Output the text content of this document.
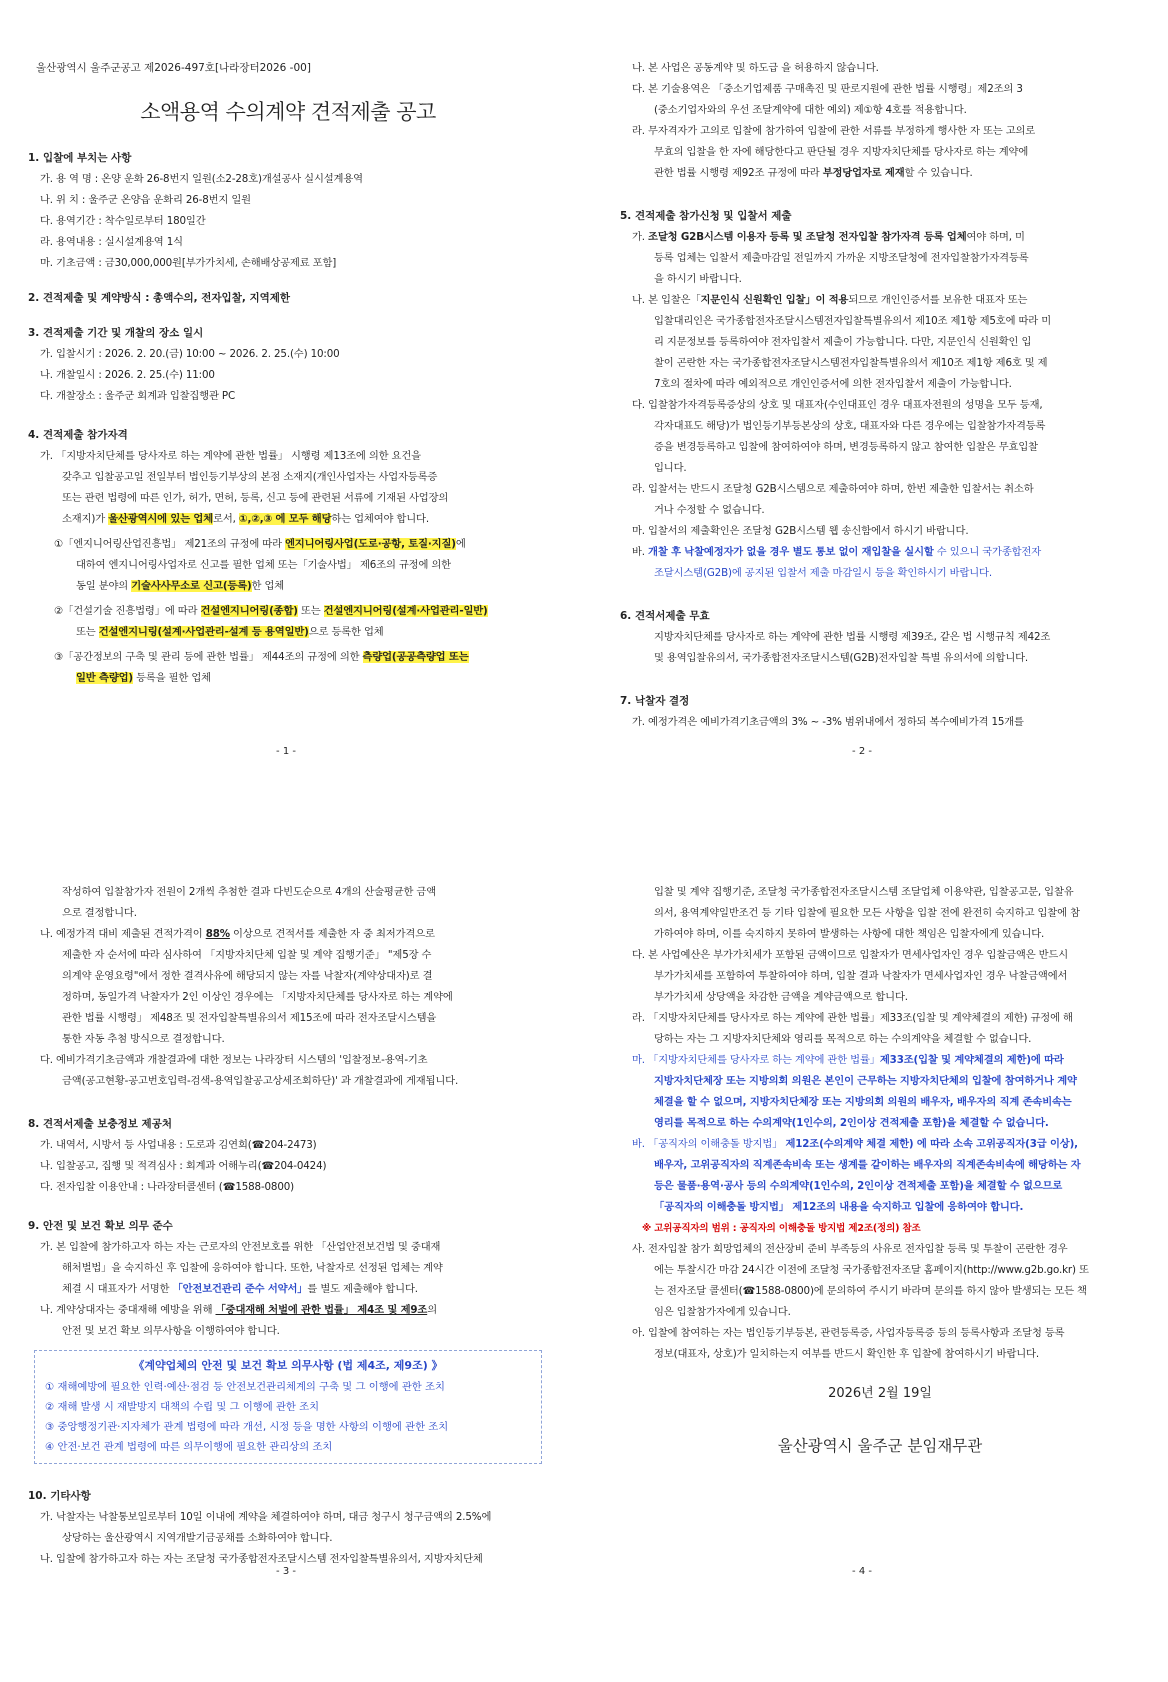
울산광역시 울주군공고 제2026-497호[나라장터2026 -00]
소액용역 수의계약 견적제출 공고
1. 입찰에 부치는 사항
가. 용 역 명 : 온양 운화 26-8번지 일원(소2-28호)개설공사 실시설계용역
나. 위 치 : 울주군 온양읍 운화리 26-8번지 일원
다. 용역기간 : 착수일로부터 180일간
라. 용역내용 : 실시설계용역 1식
마. 기초금액 : 금30,000,000원[부가가치세, 손해배상공제료 포함]
2. 견적제출 및 계약방식 : 총액수의, 전자입찰, 지역제한
3. 견적제출 기간 및 개찰의 장소 일시
가. 입찰시기 : 2026. 2. 20.(금) 10:00 ~ 2026. 2. 25.(수) 10:00
나. 개찰일시 : 2026. 2. 25.(수) 11:00
다. 개찰장소 : 울주군 회계과 입찰집행관 PC
4. 견적제출 참가자격
가. 「지방자치단체를 당사자로 하는 계약에 관한 법률」 시행령 제13조에 의한 요건을
갖추고 입찰공고일 전일부터 법인등기부상의 본점 소재지(개인사업자는 사업자등록증
또는 관련 법령에 따른 인가, 허가, 면허, 등록, 신고 등에 관련된 서류에 기재된 사업장의
소재지)가 울산광역시에 있는 업체로서, ①,②,③ 에 모두 해당하는 업체여야 합니다.
①「엔지니어링산업진흥법」 제21조의 규정에 따라 엔지니어링사업(도로·공항, 토질·지질)에
대하여 엔지니어링사업자로 신고를 필한 업체 또는「기술사법」 제6조의 규정에 의한
동일 분야의 기술사사무소로 신고(등록)한 업체
②「건설기술 진흥법령」에 따라 건설엔지니어링(종합) 또는 건설엔지니어링(설계·사업관리-일반)
또는 건설엔지니링(설계·사업관리-설계 등 용역일반)으로 등록한 업체
③「공간정보의 구축 및 관리 등에 관한 법률」 제44조의 규정에 의한 측량업(공공측량업 또는
일반 측량업) 등록을 필한 업체
- 1 -
나. 본 사업은 공동계약 및 하도급 을 허용하지 않습니다.
다. 본 기술용역은 「중소기업제품 구매촉진 및 판로지원에 관한 법률 시행령」제2조의 3
(중소기업자와의 우선 조달계약에 대한 예외) 제①항 4호를 적용합니다.
라. 무자격자가 고의로 입찰에 참가하여 입찰에 관한 서류를 부정하게 행사한 자 또는 고의로
무효의 입찰을 한 자에 해당한다고 판단될 경우 지방자치단체를 당사자로 하는 계약에
관한 법률 시행령 제92조 규정에 따라 부정당업자로 제재할 수 있습니다.
5. 견적제출 참가신청 및 입찰서 제출
가. 조달청 G2B시스템 이용자 등록 및 조달청 전자입찰 참가자격 등록 업체여야 하며, 미
등록 업체는 입찰서 제출마감일 전일까지 가까운 지방조달청에 전자입찰참가자격등록
을 하시기 바랍니다.
나. 본 입찰은「지문인식 신원확인 입찰」이 적용되므로 개인인증서를 보유한 대표자 또는
입찰대리인은 국가종합전자조달시스템전자입찰특별유의서 제10조 제1항 제5호에 따라 미
리 지문정보를 등록하여야 전자입찰서 제출이 가능합니다. 다만, 지문인식 신원확인 입
찰이 곤란한 자는 국가종합전자조달시스템전자입찰특별유의서 제10조 제1항 제6호 및 제
7호의 절차에 따라 예외적으로 개인인증서에 의한 전자입찰서 제출이 가능합니다.
다. 입찰참가자격등록증상의 상호 및 대표자(수인대표인 경우 대표자전원의 성명을 모두 등재,
각자대표도 해당)가 법인등기부등본상의 상호, 대표자와 다른 경우에는 입찰참가자격등록
증을 변경등록하고 입찰에 참여하여야 하며, 변경등록하지 않고 참여한 입찰은 무효입찰
입니다.
라. 입찰서는 반드시 조달청 G2B시스템으로 제출하여야 하며, 한번 제출한 입찰서는 취소하
거나 수정할 수 없습니다.
마. 입찰서의 제출확인은 조달청 G2B시스템 웹 송신함에서 하시기 바랍니다.
바. 개찰 후 낙찰예정자가 없을 경우 별도 통보 없이 재입찰을 실시할 수 있으니 국가종합전자
조달시스템(G2B)에 공지된 입찰서 제출 마감일시 등을 확인하시기 바랍니다.
6. 견적서제출 무효
지방자치단체를 당사자로 하는 계약에 관한 법률 시행령 제39조, 같은 법 시행규칙 제42조
및 용역입찰유의서, 국가종합전자조달시스템(G2B)전자입찰 특별 유의서에 의합니다.
7. 낙찰자 결정
가. 예정가격은 예비가격기초금액의 3% ~ -3% 범위내에서 정하되 복수예비가격 15개를
- 2 -
작성하여 입찰참가자 전원이 2개씩 추첨한 결과 다빈도순으로 4개의 산술평균한 금액
으로 결정합니다.
나. 예정가격 대비 제출된 견적가격이 88% 이상으로 견적서를 제출한 자 중 최저가격으로
제출한 자 순서에 따라 심사하여 「지방자치단체 입찰 및 계약 집행기준」 "제5장 수
의계약 운영요령"에서 정한 결격사유에 해당되지 않는 자를 낙찰자(계약상대자)로 결
정하며, 동일가격 낙찰자가 2인 이상인 경우에는 「지방자치단체를 당사자로 하는 계약에
관한 법률 시행령」 제48조 및 전자입찰특별유의서 제15조에 따라 전자조달시스템을
통한 자동 추첨 방식으로 결정합니다.
다. 예비가격기초금액과 개찰결과에 대한 정보는 나라장터 시스템의 '입찰정보-용역-기초
금액(공고현황-공고번호입력-검색-용역입찰공고상세조회하단)' 과 개찰결과에 게재됩니다.
8. 견적서제출 보충정보 제공처
가. 내역서, 시방서 등 사업내용 : 도로과 김연희(☎204-2473)
나. 입찰공고, 집행 및 적격심사 : 회계과 어해누리(☎204-0424)
다. 전자입찰 이용안내 : 나라장터콜센터 (☎1588-0800)
9. 안전 및 보건 확보 의무 준수
가. 본 입찰에 참가하고자 하는 자는 근로자의 안전보호를 위한 「산업안전보건법 및 중대재
해처벌법」을 숙지하신 후 입찰에 응하여야 합니다. 또한, 낙찰자로 선정된 업체는 계약
체결 시 대표자가 서명한 「안전보건관리 준수 서약서」를 별도 제출해야 합니다.
나. 계약상대자는 중대재해 예방을 위해 「중대재해 처벌에 관한 법률」 제4조 및 제9조의
안전 및 보건 확보 의무사항을 이행하여야 합니다.
《계약업체의 안전 및 보건 확보 의무사항 (법 제4조, 제9조) 》
① 재해예방에 필요한 인력·예산·점검 등 안전보건관리체계의 구축 및 그 이행에 관한 조치
② 재해 발생 시 재발방지 대책의 수립 및 그 이행에 관한 조치
③ 중앙행정기관·지자체가 관계 법령에 따라 개선, 시정 등을 명한 사항의 이행에 관한 조치
④ 안전·보건 관계 법령에 따른 의무이행에 필요한 관리상의 조치
10. 기타사항
가. 낙찰자는 낙찰통보일로부터 10일 이내에 계약을 체결하여야 하며, 대금 청구시 청구금액의 2.5%에
상당하는 울산광역시 지역개발기금공채를 소화하여야 합니다.
나. 입찰에 참가하고자 하는 자는 조달청 국가종합전자조달시스템 전자입찰특별유의서, 지방자치단체
- 3 -
입찰 및 계약 집행기준, 조달청 국가종합전자조달시스템 조달업체 이용약관, 입찰공고문, 입찰유
의서, 용역계약일반조건 등 기타 입찰에 필요한 모든 사항을 입찰 전에 완전히 숙지하고 입찰에 참
가하여야 하며, 이를 숙지하지 못하여 발생하는 사항에 대한 책임은 입찰자에게 있습니다.
다. 본 사업예산은 부가가치세가 포함된 금액이므로 입찰자가 면세사업자인 경우 입찰금액은 반드시
부가가치세를 포함하여 투찰하여야 하며, 입찰 결과 낙찰자가 면세사업자인 경우 낙찰금액에서
부가가치세 상당액을 차감한 금액을 계약금액으로 합니다.
라. 「지방자치단체를 당사자로 하는 계약에 관한 법률」제33조(입찰 및 계약체결의 제한) 규정에 해
당하는 자는 그 지방자치단체와 영리를 목적으로 하는 수의계약을 체결할 수 없습니다.
마. 「지방자치단체를 당사자로 하는 계약에 관한 법률」제33조(입찰 및 계약체결의 제한)에 따라
지방자치단체장 또는 지방의회 의원은 본인이 근무하는 지방자치단체의 입찰에 참여하거나 계약
체결을 할 수 없으며, 지방자치단체장 또는 지방의회 의원의 배우자, 배우자의 직계 존속비속는
영리를 목적으로 하는 수의계약(1인수의, 2인이상 견적제출 포함)을 체결할 수 없습니다.
바. 「공직자의 이해충돌 방지법」 제12조(수의계약 체결 제한) 에 따라 소속 고위공직자(3급 이상),
배우자, 고위공직자의 직계존속비속 또는 생계를 같이하는 배우자의 직계존속비속에 해당하는 자
등은 물품·용역·공사 등의 수의계약(1인수의, 2인이상 견적제출 포함)을 체결할 수 없으므로
「공직자의 이해충돌 방지법」 제12조의 내용을 숙지하고 입찰에 응하여야 합니다.
※ 고위공직자의 범위 : 공직자의 이해충돌 방지법 제2조(정의) 참조
사. 전자입찰 참가 희망업체의 전산장비 준비 부족등의 사유로 전자입찰 등록 및 투찰이 곤란한 경우
에는 투찰시간 마감 24시간 이전에 조달청 국가종합전자조달 홈페이지(http://www.g2b.go.kr) 또
는 전자조달 콜센터(☎1588-0800)에 문의하여 주시기 바라며 문의를 하지 않아 발생되는 모든 책
임은 입찰참가자에게 있습니다.
아. 입찰에 참여하는 자는 법인등기부등본, 관련등록증, 사업자등록증 등의 등록사항과 조달청 등록
정보(대표자, 상호)가 일치하는지 여부를 반드시 확인한 후 입찰에 참여하시기 바랍니다.
2026년 2월 19일
울산광역시 울주군 분임재무관
- 4 -
